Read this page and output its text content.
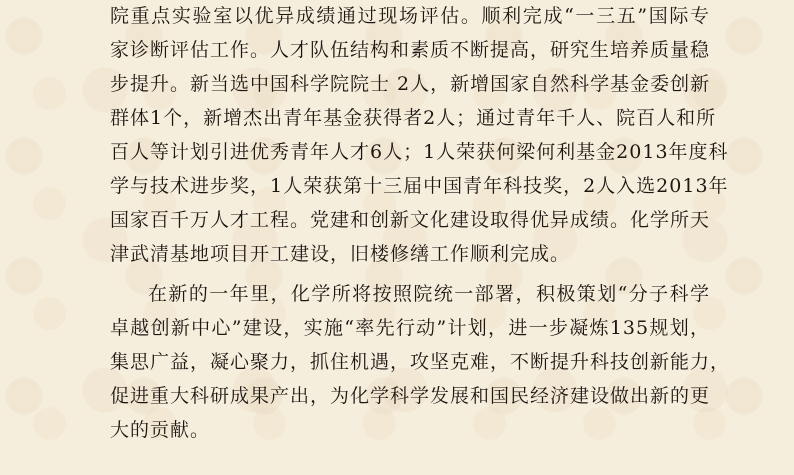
院重点实验室以优异成绩通过现场评估。顺利完成“一三五”国际专

家诊断评估工作。人才队伍结构和素质不断提高，研究生培养质量稳

步提升。新当选中国科学院院士 2人，新增国家自然科学基金委创新

群体1个，新增杰出青年基金获得者2人；通过青年千人、院百人和所

百人等计划引进优秀青年人才6人；1人荣获何梁何利基金2013年度科

学与技术进步奖，1人荣获第十三届中国青年科技奖，2人入选2013年

国家百千万人才工程。党建和创新文化建设取得优异成绩。化学所天

津武清基地项目开工建设，旧楼修缮工作顺利完成。

在新的一年里，化学所将按照院统一部署，积极策划“分子科学

卓越创新中心”建设，实施“率先行动”计划，进一步凝炼135规划，

集思广益，凝心聚力，抓住机遇，攻坚克难，不断提升科技创新能力，

促进重大科研成果产出，为化学科学发展和国民经济建设做出新的更

大的贡献。
